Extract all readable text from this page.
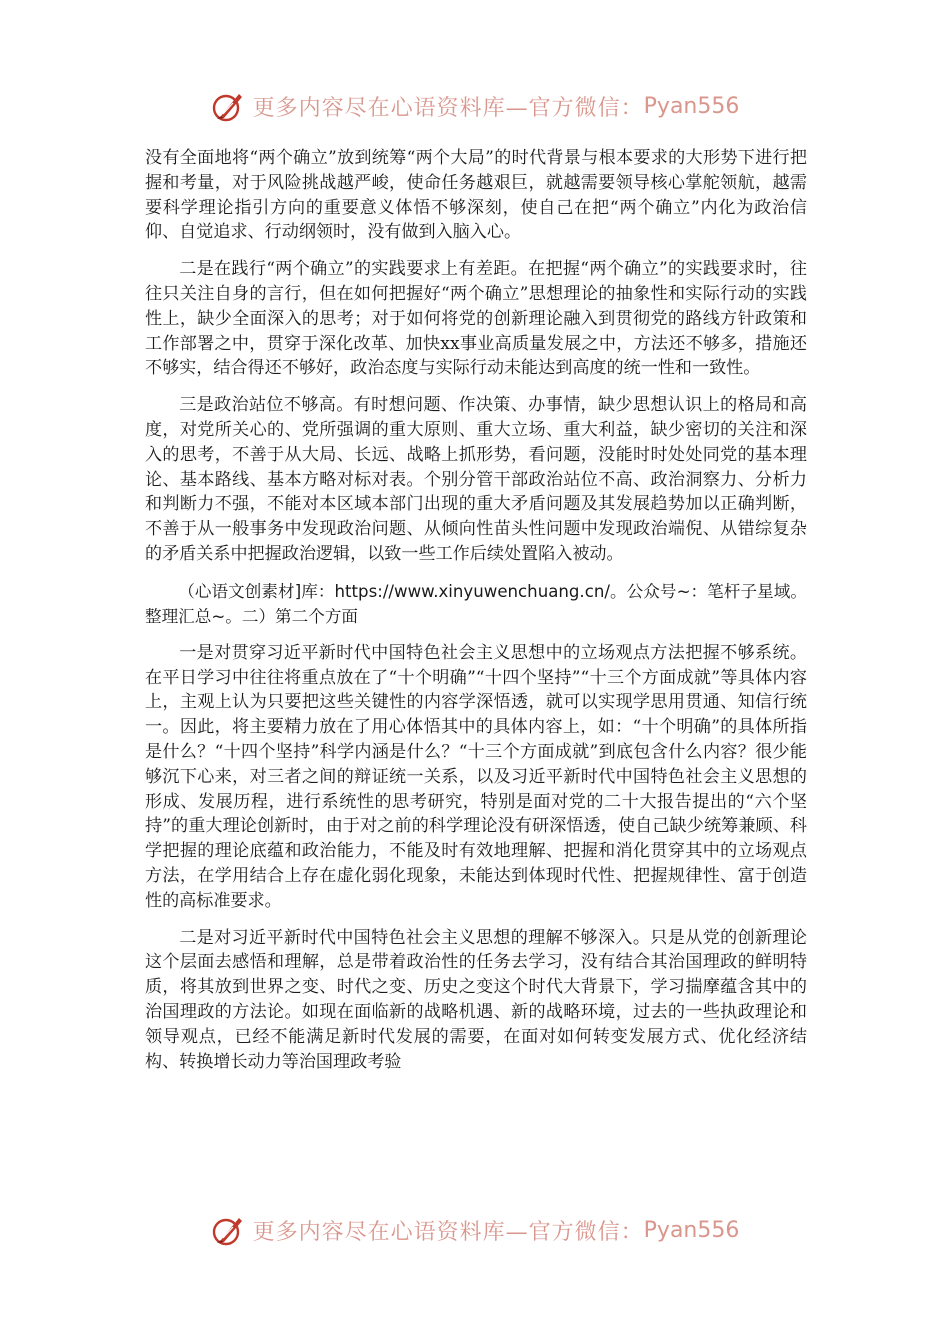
更多内容尽在心语资料库—官方微信： Pyan556

没有全面地将“两个确立”放到统筹“两个大局”的时代背景与根本要求的大形势下进行把握和考量，对于风险挑战越严峻，使命任务越艰巨，就越需要领导核心掌舵领航，越需要科学理论指引方向的重要意义体悟不够深刻，使自己在把“两个确立”内化为政治信仰、自觉追求、行动纲领时，没有做到入脑入心。

二是在践行“两个确立”的实践要求上有差距。在把握“两个确立”的实践要求时，往往只关注自身的言行，但在如何把握好“两个确立”思想理论的抽象性和实际行动的实践性上，缺少全面深入的思考；对于如何将党的创新理论融入到贯彻党的路线方针政策和工作部署之中，贯穿于深化改革、加快xx事业高质量发展之中，方法还不够多，措施还不够实，结合得还不够好，政治态度与实际行动未能达到高度的统一性和一致性。

三是政治站位不够高。有时想问题、作决策、办事情，缺少思想认识上的格局和高度，对党所关心的、党所强调的重大原则、重大立场、重大利益，缺少密切的关注和深入的思考，不善于从大局、长远、战略上抓形势，看问题，没能时时处处同党的基本理论、基本路线、基本方略对标对表。个别分管干部政治站位不高、政治洞察力、分析力和判断力不强，不能对本区域本部门出现的重大矛盾问题及其发展趋势加以正确判断，不善于从一般事务中发现政治问题、从倾向性苗头性问题中发现政治端倪、从错综复杂的矛盾关系中把握政治逻辑，以致一些工作后续处置陷入被动。

（心语文创素材]库：https://www.xinyuwenchuang.cn/。公众号~：笔杆子星域。整理汇总~。二）第二个方面

一是对贯穿习近平新时代中国特色社会主义思想中的立场观点方法把握不够系统。在平日学习中往往将重点放在了“十个明确”“十四个坚持”“十三个方面成就”等具体内容上，主观上认为只要把这些关键性的内容学深悟透，就可以实现学思用贯通、知信行统一。因此，将主要精力放在了用心体悟其中的具体内容上，如：“十个明确”的具体所指是什么？“十四个坚持”科学内涵是什么？“十三个方面成就”到底包含什么内容？很少能够沉下心来，对三者之间的辩证统一关系，以及习近平新时代中国特色社会主义思想的形成、发展历程，进行系统性的思考研究，特别是面对党的二十大报告提出的“六个坚持”的重大理论创新时，由于对之前的科学理论没有研深悟透，使自己缺少统筹兼顾、科学把握的理论底蕴和政治能力，不能及时有效地理解、把握和消化贯穿其中的立场观点方法，在学用结合上存在虚化弱化现象，未能达到体现时代性、把握规律性、富于创造性的高标准要求。

二是对习近平新时代中国特色社会主义思想的理解不够深入。只是从党的创新理论这个层面去感悟和理解，总是带着政治性的任务去学习，没有结合其治国理政的鲜明特质，将其放到世界之变、时代之变、历史之变这个时代大背景下，学习揣摩蕴含其中的治国理政的方法论。如现在面临新的战略机遇、新的战略环境，过去的一些执政理论和领导观点，已经不能满足新时代发展的需要，在面对如何转变发展方式、优化经济结构、转换增长动力等治国理政考验

更多内容尽在心语资料库—官方微信： Pyan556
